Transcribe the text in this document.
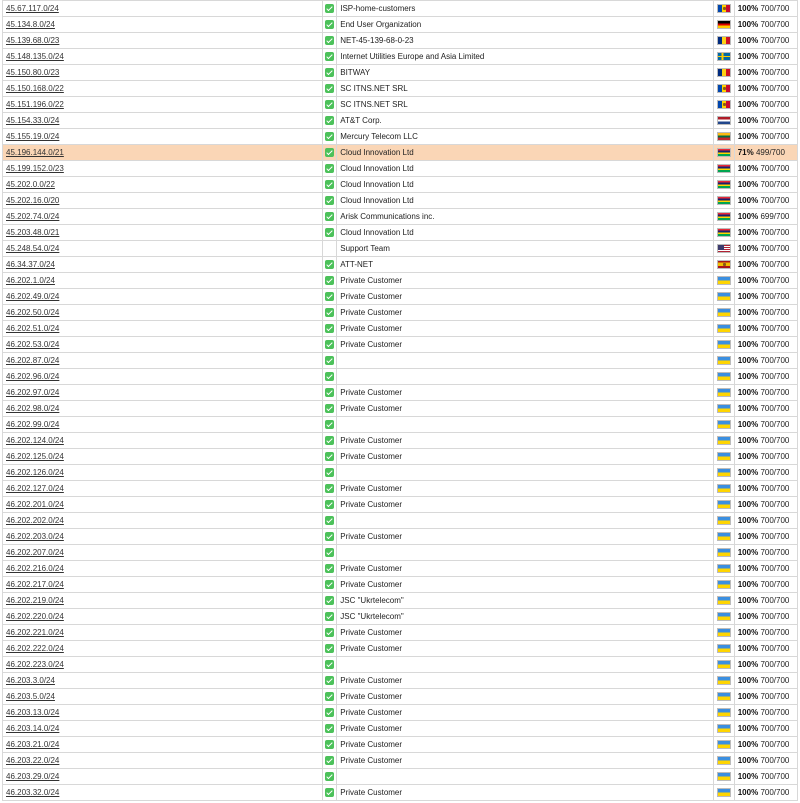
45.67.117.0/24		ISP-home-customers		100% 700/700
45.134.8.0/24		End User Organization		100% 700/700
45.139.68.0/23		NET-45-139-68-0-23		100% 700/700
45.148.135.0/24		Internet Utilities Europe and Asia Limited		100% 700/700
45.150.80.0/23		BITWAY		100% 700/700
45.150.168.0/22		SC ITNS.NET SRL		100% 700/700
45.151.196.0/22		SC ITNS.NET SRL		100% 700/700
45.154.33.0/24		AT&T Corp.		100% 700/700
45.155.19.0/24		Mercury Telecom LLC		100% 700/700
45.196.144.0/21		Cloud Innovation Ltd		71% 499/700
45.199.152.0/23		Cloud Innovation Ltd		100% 700/700
45.202.0.0/22		Cloud Innovation Ltd		100% 700/700
45.202.16.0/20		Cloud Innovation Ltd		100% 700/700
45.202.74.0/24		Arisk Communications inc.		100% 699/700
45.203.48.0/21		Cloud Innovation Ltd		100% 700/700
45.248.54.0/24		Support Team		100% 700/700
46.34.37.0/24		ATT-NET		100% 700/700
46.202.1.0/24		Private Customer		100% 700/700
46.202.49.0/24		Private Customer		100% 700/700
46.202.50.0/24		Private Customer		100% 700/700
46.202.51.0/24		Private Customer		100% 700/700
46.202.53.0/24		Private Customer		100% 700/700
46.202.87.0/24				100% 700/700
46.202.96.0/24				100% 700/700
46.202.97.0/24		Private Customer		100% 700/700
46.202.98.0/24		Private Customer		100% 700/700
46.202.99.0/24				100% 700/700
46.202.124.0/24		Private Customer		100% 700/700
46.202.125.0/24		Private Customer		100% 700/700
46.202.126.0/24				100% 700/700
46.202.127.0/24		Private Customer		100% 700/700
46.202.201.0/24		Private Customer		100% 700/700
46.202.202.0/24				100% 700/700
46.202.203.0/24		Private Customer		100% 700/700
46.202.207.0/24				100% 700/700
46.202.216.0/24		Private Customer		100% 700/700
46.202.217.0/24		Private Customer		100% 700/700
46.202.219.0/24		JSC "Ukrtelecom"		100% 700/700
46.202.220.0/24		JSC "Ukrtelecom"		100% 700/700
46.202.221.0/24		Private Customer		100% 700/700
46.202.222.0/24		Private Customer		100% 700/700
46.202.223.0/24				100% 700/700
46.203.3.0/24		Private Customer		100% 700/700
46.203.5.0/24		Private Customer		100% 700/700
46.203.13.0/24		Private Customer		100% 700/700
46.203.14.0/24		Private Customer		100% 700/700
46.203.21.0/24		Private Customer		100% 700/700
46.203.22.0/24		Private Customer		100% 700/700
46.203.29.0/24				100% 700/700
46.203.32.0/24		Private Customer		100% 700/700
